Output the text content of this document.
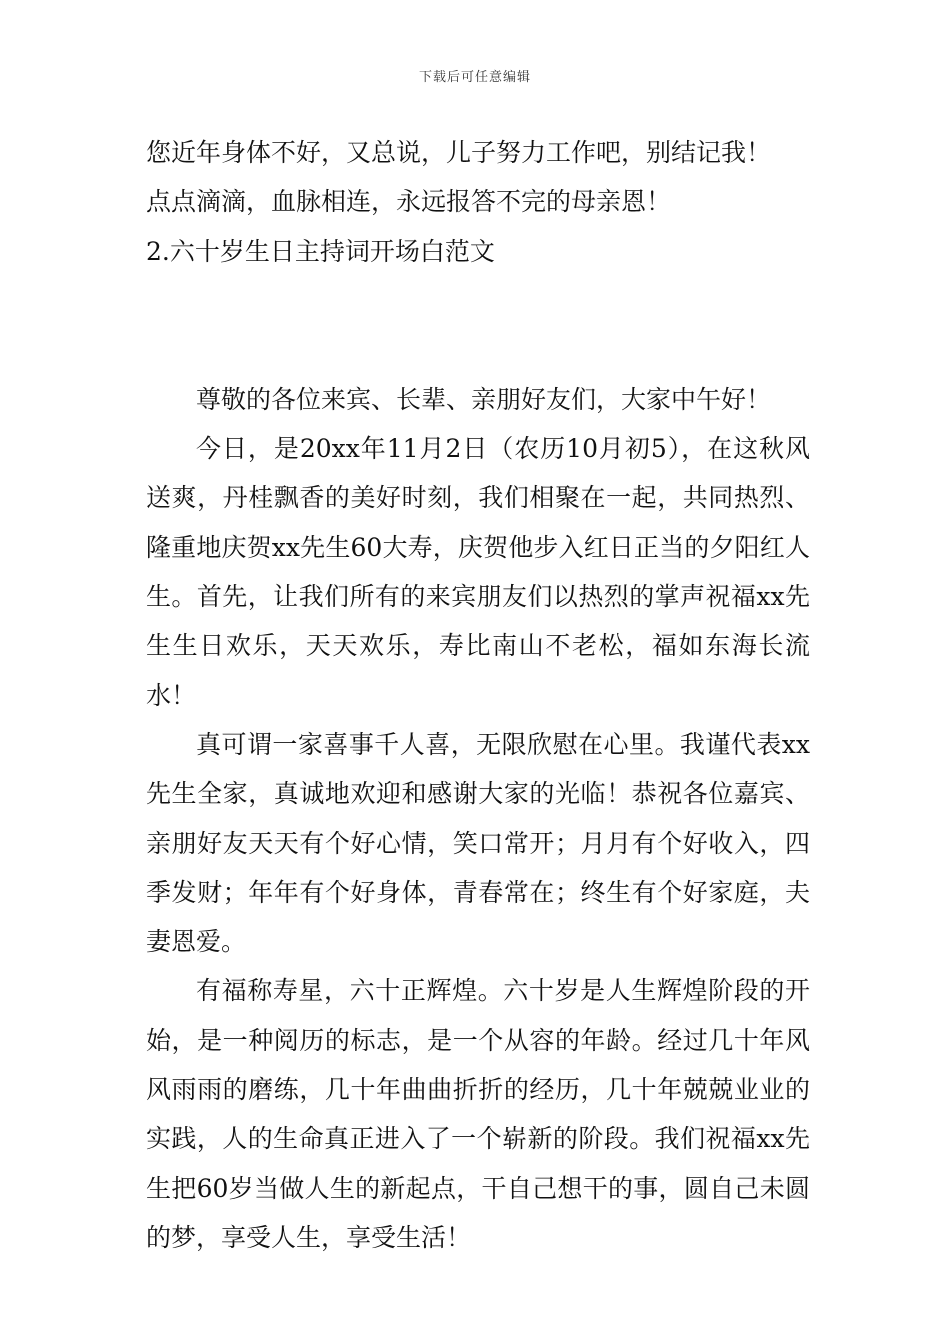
下载后可任意编辑
您近年身体不好，又总说，儿子努力工作吧，别结记我！
点点滴滴，血脉相连，永远报答不完的母亲恩！
2.六十岁生日主持词开场白范文

尊敬的各位来宾、长辈、亲朋好友们，大家中午好！

今日，是20xx年11月2日（农历10月初5），在这秋风送爽，丹桂飘香的美好时刻，我们相聚在一起，共同热烈、隆重地庆贺xx先生60大寿，庆贺他步入红日正当的夕阳红人生。首先，让我们所有的来宾朋友们以热烈的掌声祝福xx先生生日欢乐，天天欢乐，寿比南山不老松，福如东海长流水！

真可谓一家喜事千人喜，无限欣慰在心里。我谨代表xx先生全家，真诚地欢迎和感谢大家的光临！恭祝各位嘉宾、亲朋好友天天有个好心情，笑口常开；月月有个好收入，四季发财；年年有个好身体，青春常在；终生有个好家庭，夫妻恩爱。

有福称寿星，六十正辉煌。六十岁是人生辉煌阶段的开始，是一种阅历的标志，是一个从容的年龄。经过几十年风风雨雨的磨练，几十年曲曲折折的经历，几十年兢兢业业的实践，人的生命真正进入了一个崭新的阶段。我们祝福xx先生把60岁当做人生的新起点，干自己想干的事，圆自己未圆的梦，享受人生，享受生活！
